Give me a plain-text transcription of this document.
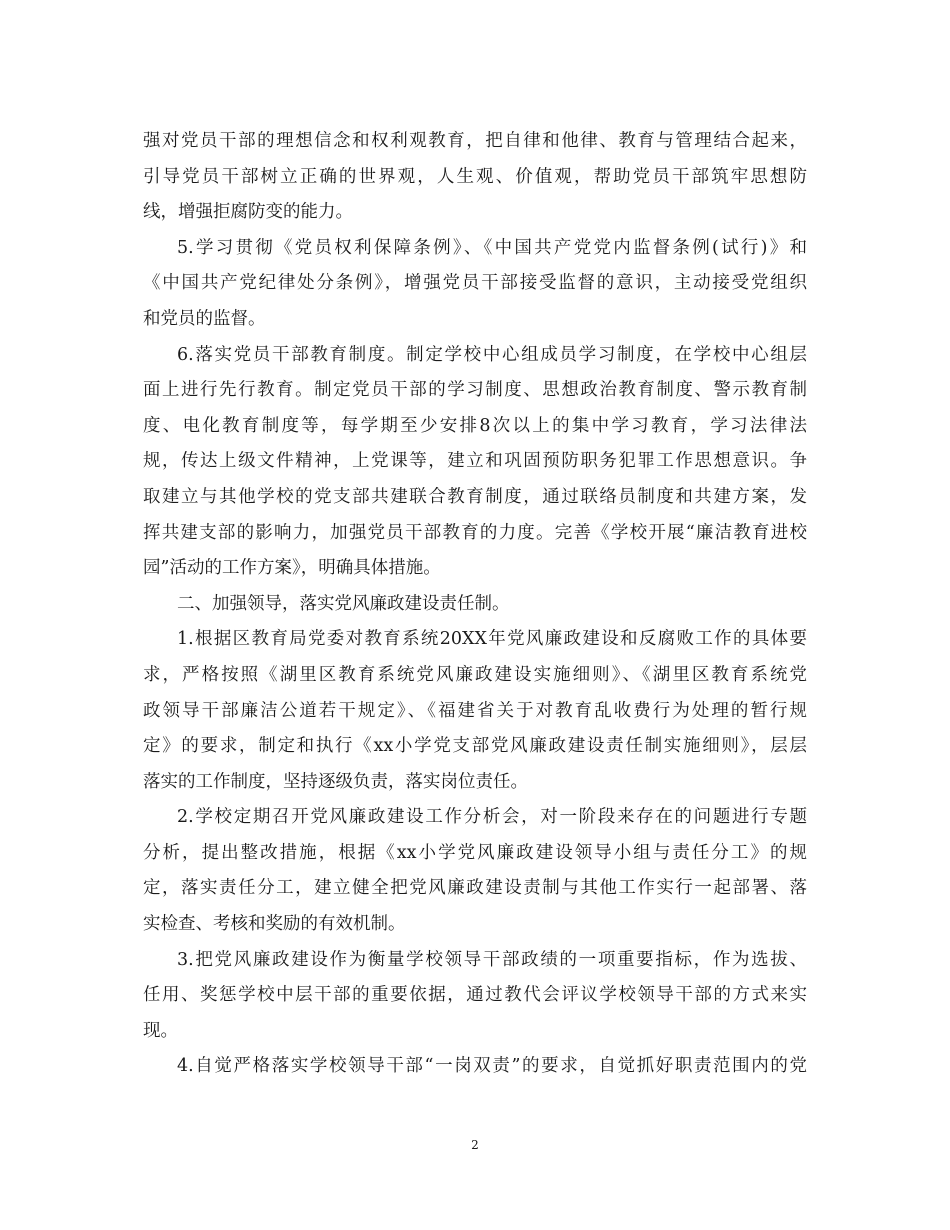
强对党员干部的理想信念和权利观教育，把自律和他律、教育与管理结合起来，
引导党员干部树立正确的世界观，人生观、价值观，帮助党员干部筑牢思想防
线，增强拒腐防变的能力。
5.学习贯彻《党员权利保障条例》、《中国共产党党内监督条例(试行)》和
《中国共产党纪律处分条例》，增强党员干部接受监督的意识，主动接受党组织
和党员的监督。
6.落实党员干部教育制度。制定学校中心组成员学习制度，在学校中心组层
面上进行先行教育。制定党员干部的学习制度、思想政治教育制度、警示教育制
度、电化教育制度等，每学期至少安排8次以上的集中学习教育，学习法律法
规，传达上级文件精神，上党课等，建立和巩固预防职务犯罪工作思想意识。争
取建立与其他学校的党支部共建联合教育制度，通过联络员制度和共建方案，发
挥共建支部的影响力，加强党员干部教育的力度。完善《学校开展“廉洁教育进校
园”活动的工作方案》，明确具体措施。
二、加强领导，落实党风廉政建设责任制。
1.根据区教育局党委对教育系统20XX年党风廉政建设和反腐败工作的具体要
求，严格按照《湖里区教育系统党风廉政建设实施细则》、《湖里区教育系统党
政领导干部廉洁公道若干规定》、《福建省关于对教育乱收费行为处理的暂行规
定》的要求，制定和执行《xx小学党支部党风廉政建设责任制实施细则》，层层
落实的工作制度，坚持逐级负责，落实岗位责任。
2.学校定期召开党风廉政建设工作分析会，对一阶段来存在的问题进行专题
分析，提出整改措施，根据《xx小学党风廉政建设领导小组与责任分工》的规
定，落实责任分工，建立健全把党风廉政建设责制与其他工作实行一起部署、落
实检查、考核和奖励的有效机制。
3.把党风廉政建设作为衡量学校领导干部政绩的一项重要指标，作为选拔、
任用、奖惩学校中层干部的重要依据，通过教代会评议学校领导干部的方式来实
现。
4.自觉严格落实学校领导干部“一岗双责”的要求，自觉抓好职责范围内的党
2
